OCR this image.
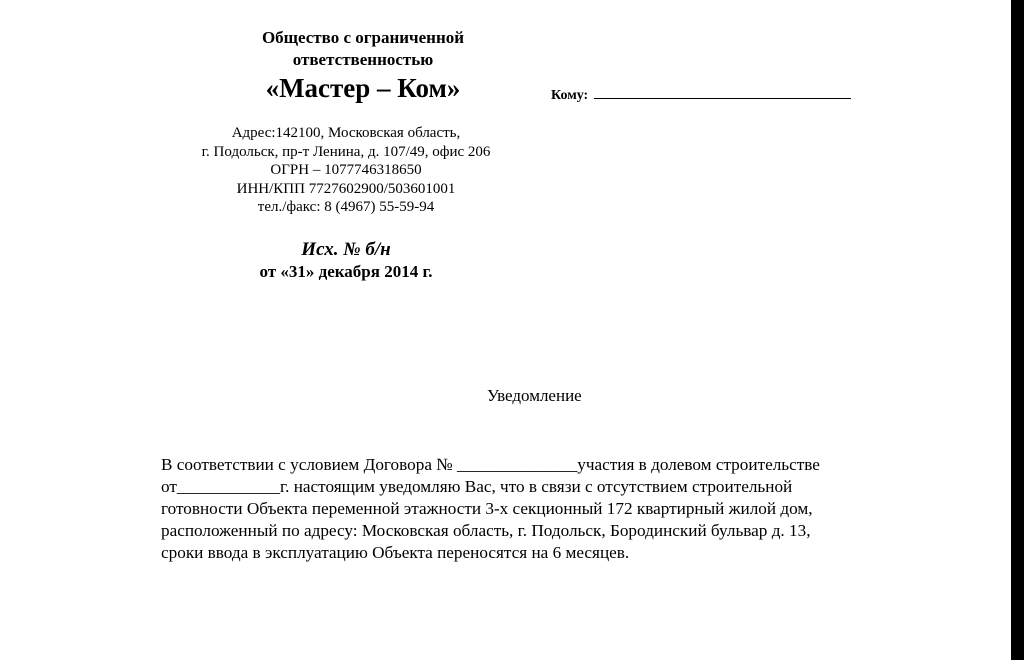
Общество с ограниченной
ответственностью
«Мастер – Ком»
Адрес:142100, Московская область,
г. Подольск, пр-т Ленина, д. 107/49, офис 206
ОГРН – 1077746318650
ИНН/КПП 7727602900/503601001
тел./факс: 8 (4967) 55-59-94
Исх. № б/н
от «31» декабря 2014 г.
Кому:
Уведомление
В соответствии с условием Договора № ______________участия в долевом строительстве
от____________г. настоящим уведомляю Вас, что в связи с отсутствием строительной
готовности Объекта переменной этажности 3-х секционный 172 квартирный жилой дом,
расположенный по адресу: Московская область, г. Подольск, Бородинский бульвар д. 13,
сроки ввода в эксплуатацию Объекта переносятся на 6 месяцев.
